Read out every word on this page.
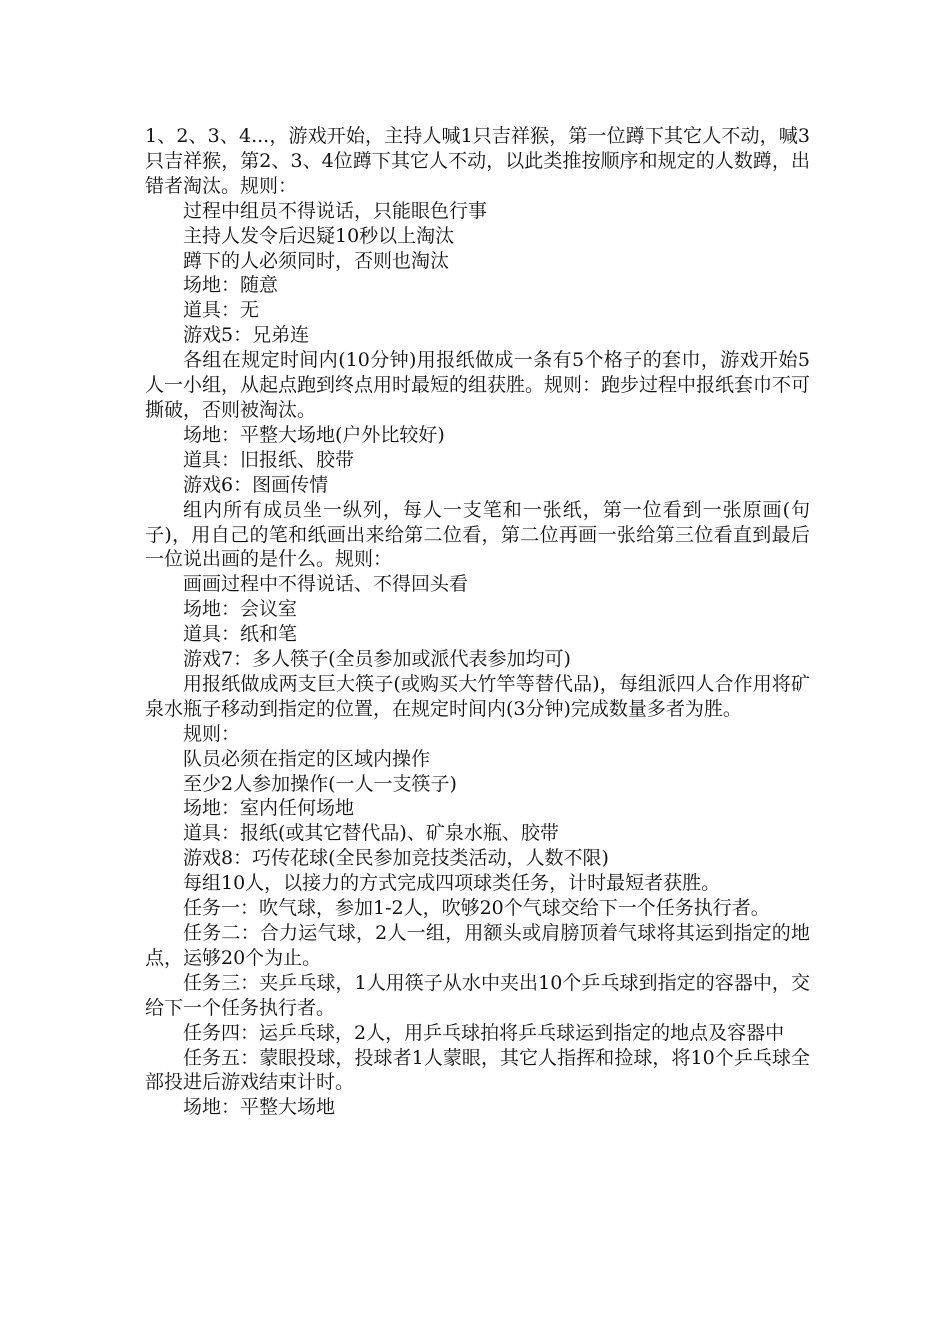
1、2、3、4...，游戏开始，主持人喊1只吉祥猴，第一位蹲下其它人不动，喊3只吉祥猴，第2、3、4位蹲下其它人不动，以此类推按顺序和规定的人数蹲，出错者淘汰。规则：

过程中组员不得说话，只能眼色行事

主持人发令后迟疑10秒以上淘汰

蹲下的人必须同时，否则也淘汰

场地：随意

道具：无

游戏5：兄弟连

各组在规定时间内(10分钟)用报纸做成一条有5个格子的套巾，游戏开始5人一小组，从起点跑到终点用时最短的组获胜。规则：跑步过程中报纸套巾不可撕破，否则被淘汰。

场地：平整大场地(户外比较好)

道具：旧报纸、胶带

游戏6：图画传情

组内所有成员坐一纵列，每人一支笔和一张纸，第一位看到一张原画(句子)，用自己的笔和纸画出来给第二位看，第二位再画一张给第三位看直到最后一位说出画的是什么。规则：

画画过程中不得说话、不得回头看

场地：会议室

道具：纸和笔

游戏7：多人筷子(全员参加或派代表参加均可)

用报纸做成两支巨大筷子(或购买大竹竿等替代品)，每组派四人合作用将矿泉水瓶子移动到指定的位置，在规定时间内(3分钟)完成数量多者为胜。

规则：

队员必须在指定的区域内操作

至少2人参加操作(一人一支筷子)

场地：室内任何场地

道具：报纸(或其它替代品)、矿泉水瓶、胶带

游戏8：巧传花球(全民参加竞技类活动，人数不限)

每组10人，以接力的方式完成四项球类任务，计时最短者获胜。

任务一：吹气球，参加1-2人，吹够20个气球交给下一个任务执行者。

任务二：合力运气球，2人一组，用额头或肩膀顶着气球将其运到指定的地点，运够20个为止。

任务三：夹乒乓球，1人用筷子从水中夹出10个乒乓球到指定的容器中，交给下一个任务执行者。

任务四：运乒乓球，2人，用乒乓球拍将乒乓球运到指定的地点及容器中

任务五：蒙眼投球，投球者1人蒙眼，其它人指挥和捡球，将10个乒乓球全部投进后游戏结束计时。

场地：平整大场地
